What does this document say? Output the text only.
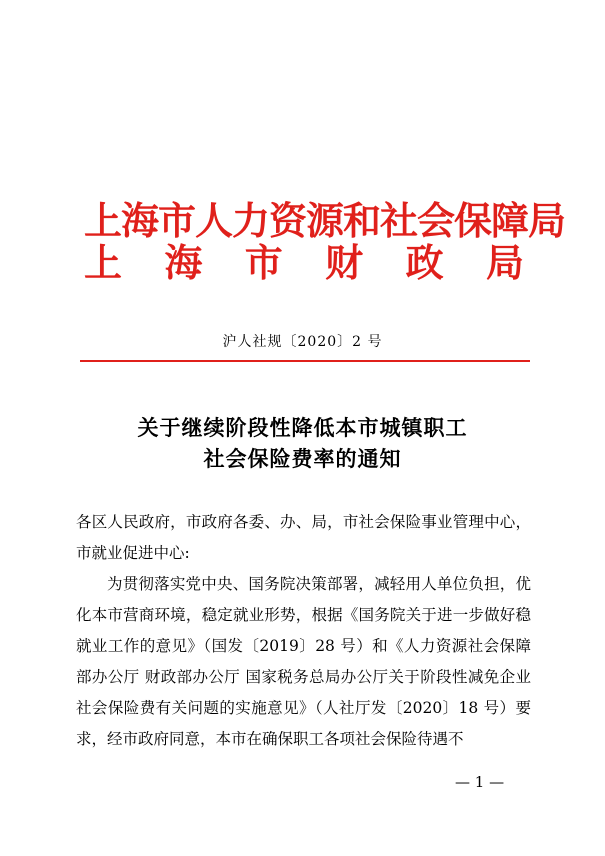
上海市人力资源和社会保障局
上 海 市 财 政 局
沪人社规〔2020〕2 号
关于继续阶段性降低本市城镇职工
社会保险费率的通知

各区人民政府，市政府各委、办、局，市社会保险事业管理中心，市就业促进中心:

为贯彻落实党中央、国务院决策部署，减轻用人单位负担，优化本市营商环境，稳定就业形势，根据《国务院关于进一步做好稳就业工作的意见》（国发〔2019〕28 号）和《人力资源社会保障部办公厅 财政部办公厅 国家税务总局办公厅关于阶段性减免企业社会保险费有关问题的实施意见》（人社厅发〔2020〕18 号）要求，经市政府同意，本市在确保职工各项社会保险待遇不

— 1 —
